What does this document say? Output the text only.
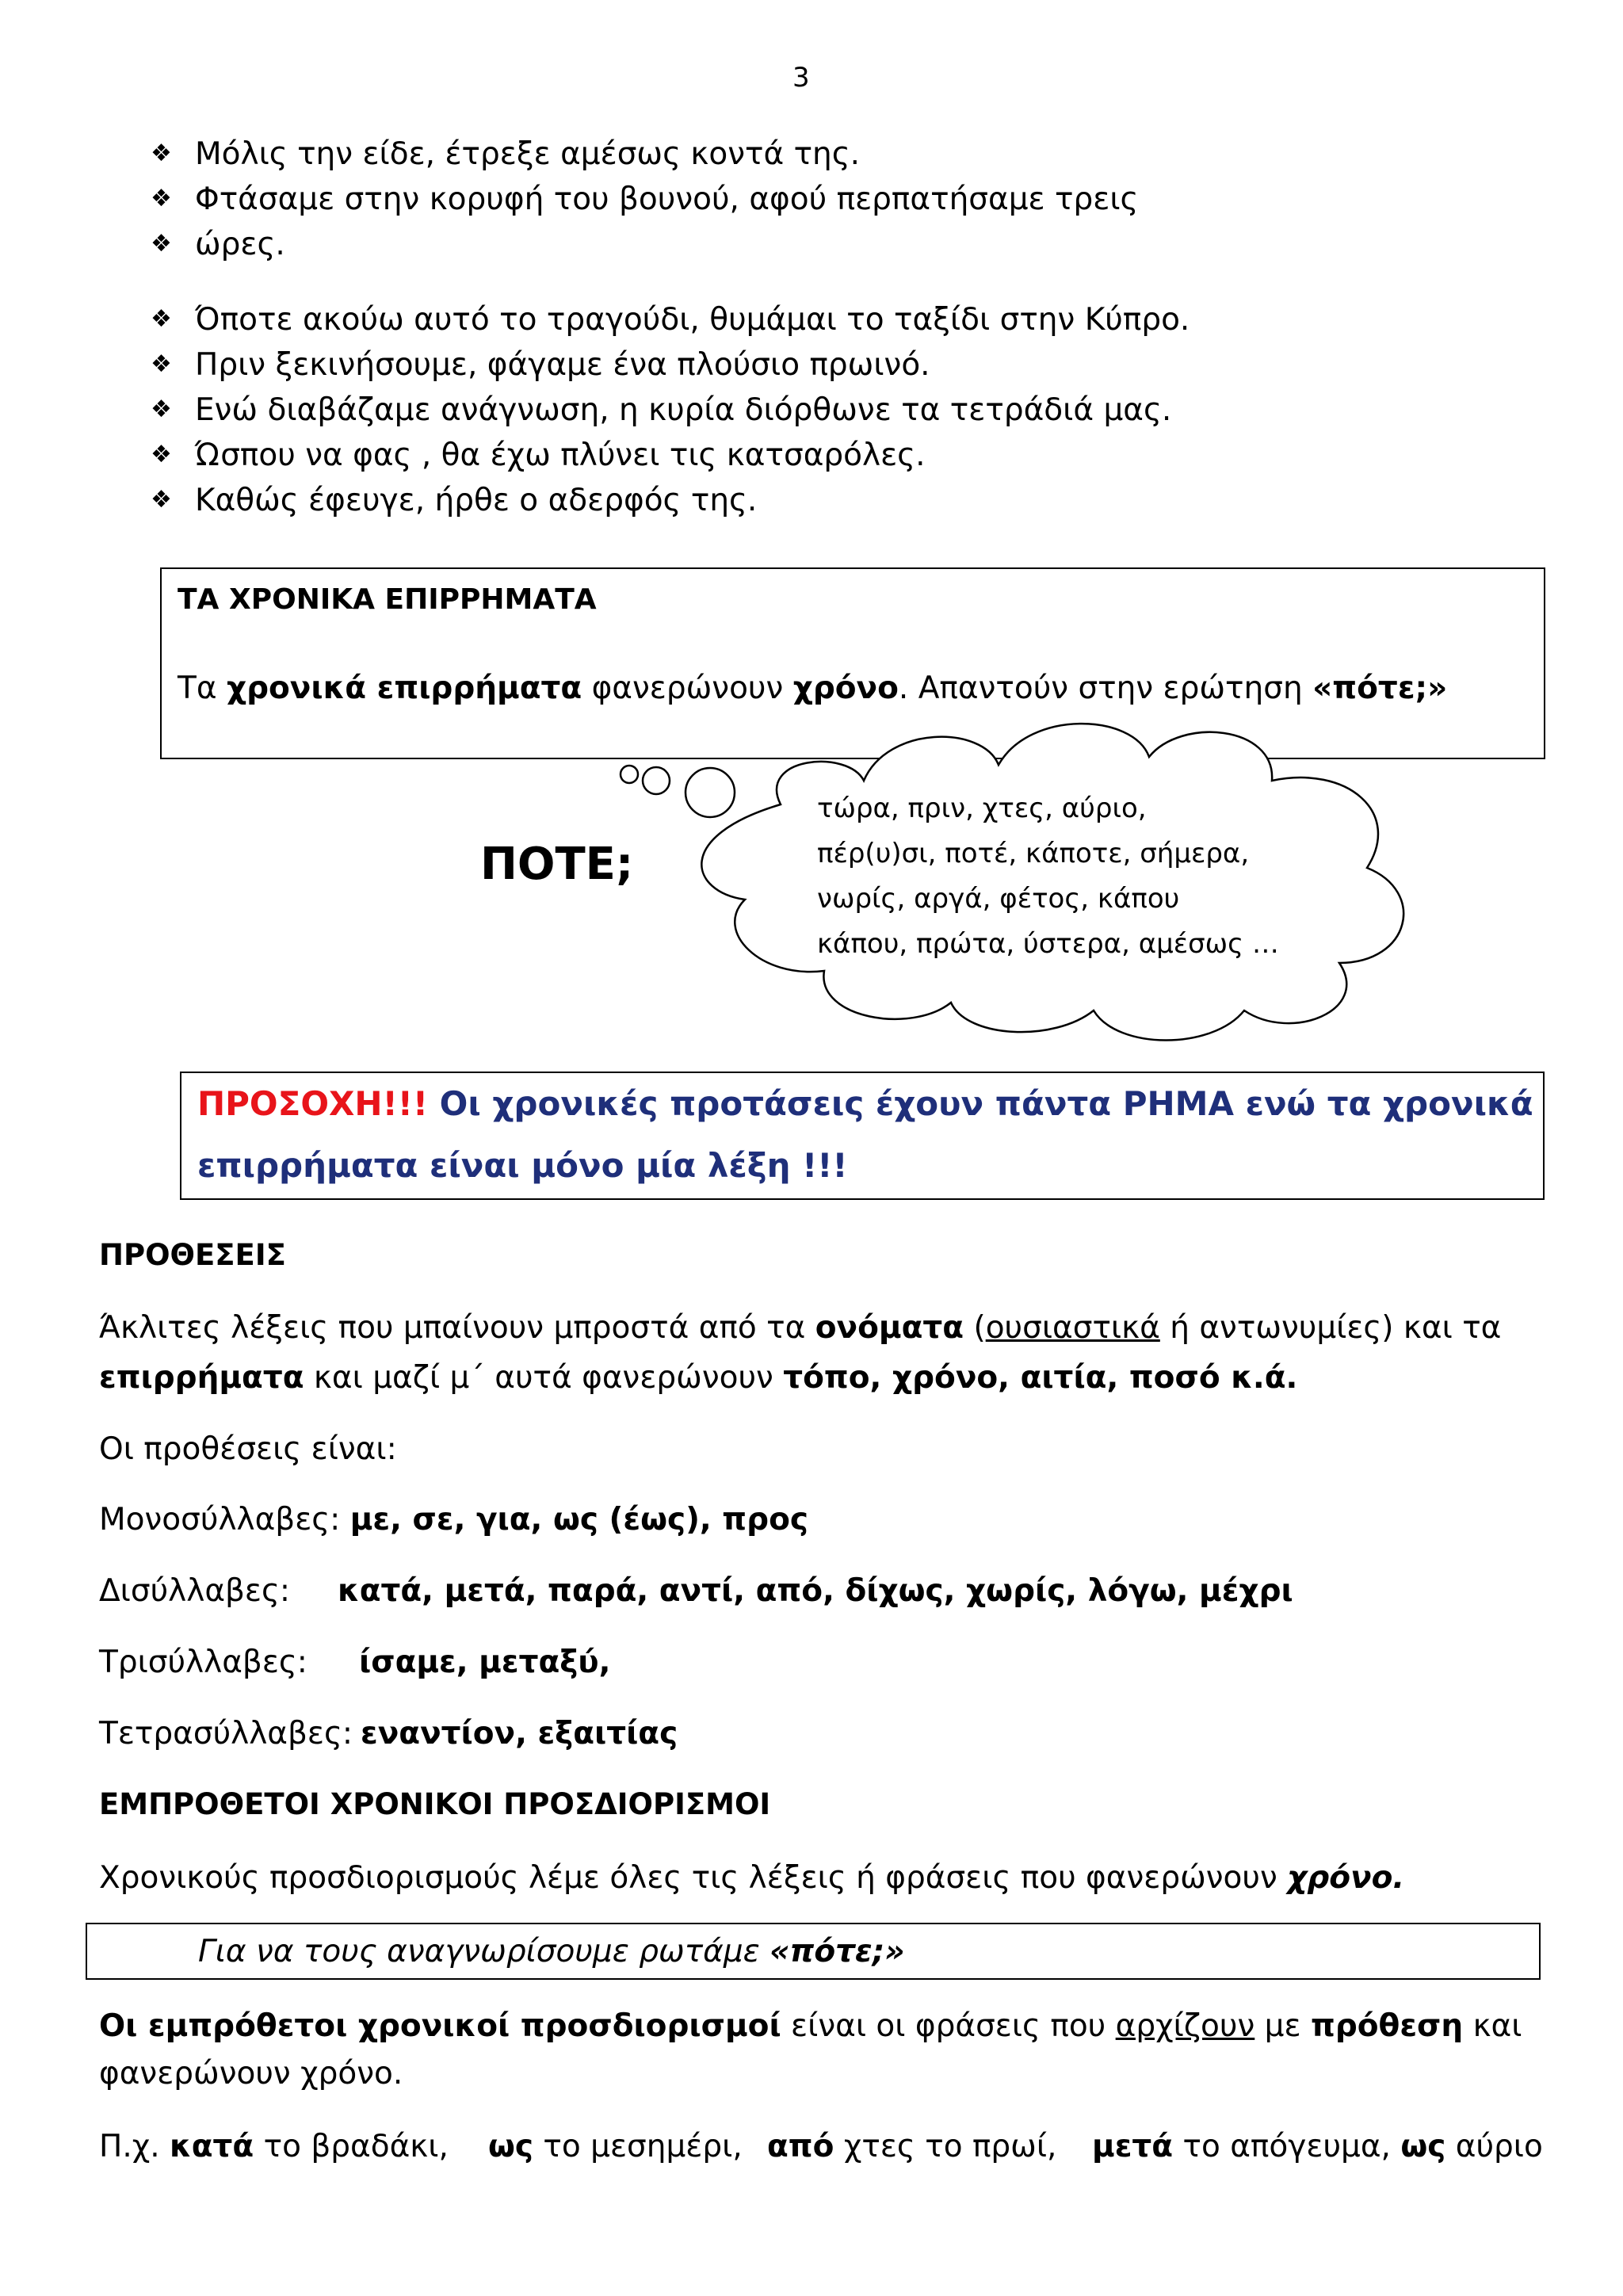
3
❖ Μόλις την είδε, έτρεξε αμέσως κοντά της.
❖ Φτάσαμε στην κορυφή του βουνού, αφού περπατήσαμε τρεις
❖ ώρες.
❖ Όποτε ακούω αυτό το τραγούδι, θυμάμαι το ταξίδι στην Κύπρο.
❖ Πριν ξεκινήσουμε, φάγαμε ένα πλούσιο πρωινό.
❖ Ενώ διαβάζαμε ανάγνωση, η κυρία διόρθωνε τα τετράδιά μας.
❖ Ώσπου να φας , θα έχω πλύνει τις κατσαρόλες.
❖ Καθώς έφευγε, ήρθε ο αδερφός της.
ΤΑ ΧΡΟΝΙΚΑ ΕΠΙΡΡΗΜΑΤΑ
Τα χρονικά επιρρήματα φανερώνουν χρόνο. Απαντούν στην ερώτηση «πότε;»
ΠΟΤΕ;
τώρα, πριν, χτες, αύριο,
πέρ(υ)σι, ποτέ, κάποτε, σήμερα,
νωρίς, αργά, φέτος, κάπου
κάπου, πρώτα, ύστερα, αμέσως …
ΠΡΟΣΟΧΗ!!! Οι χρονικές προτάσεις έχουν πάντα ΡΗΜΑ ενώ τα χρονικά
επιρρήματα είναι μόνο μία λέξη !!!
ΠΡΟΘΕΣΕΙΣ
Άκλιτες λέξεις που μπαίνουν μπροστά από τα ονόματα (ουσιαστικά ή αντωνυμίες) και τα
επιρρήματα και μαζί μ΄ αυτά φανερώνουν τόπο, χρόνο, αιτία, ποσό κ.ά.
Οι προθέσεις είναι:
Μονοσύλλαβες: με, σε, για, ως (έως), προς
Δισύλλαβες: κατά, μετά, παρά, αντί, από, δίχως, χωρίς, λόγω, μέχρι
Τρισύλλαβες: ίσαμε, μεταξύ,
Τετρασύλλαβες: εναντίον, εξαιτίας
ΕΜΠΡΟΘΕΤΟΙ ΧΡΟΝΙΚΟΙ ΠΡΟΣΔΙΟΡΙΣΜΟΙ
Χρονικούς προσδιορισμούς λέμε όλες τις λέξεις ή φράσεις που φανερώνουν χρόνο.
Για να τους αναγνωρίσουμε ρωτάμε «πότε;»
Οι εμπρόθετοι χρονικοί προσδιορισμοί είναι οι φράσεις που αρχίζουν με πρόθεση και
φανερώνουν χρόνο.
Π.χ. κατά το βραδάκι, ως το μεσημέρι, από χτες το πρωί, μετά το απόγευμα, ως αύριο
